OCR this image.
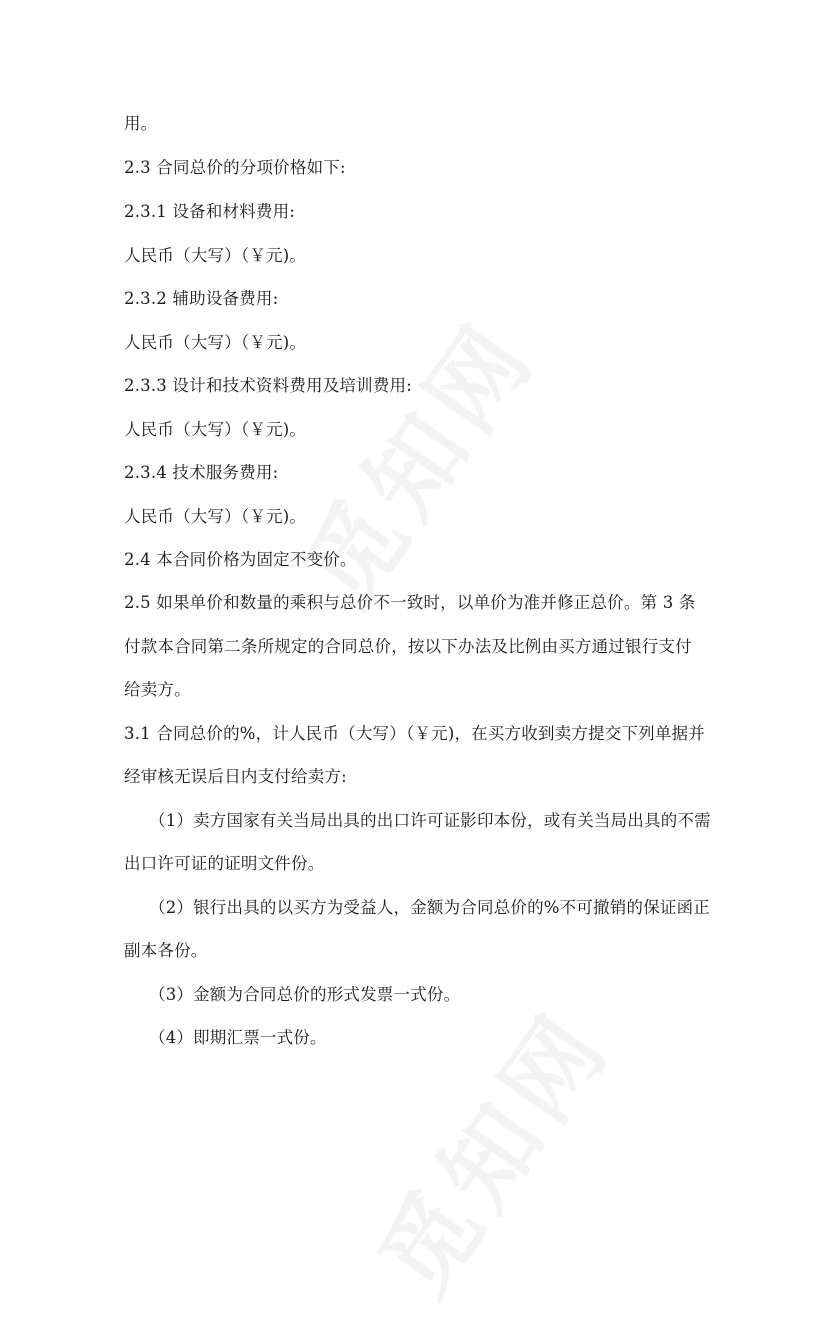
用。
2.3 合同总价的分项价格如下:
2.3.1 设备和材料费用:
人民币（大写）（￥元)。
2.3.2 辅助设备费用:
人民币（大写）（￥元)。
2.3.3 设计和技术资料费用及培训费用:
人民币（大写）（￥元)。
2.3.4 技术服务费用:
人民币（大写）（￥元)。
2.4 本合同价格为固定不变价。
2.5 如果单价和数量的乘积与总价不一致时，以单价为准并修正总价。第 3 条
付款本合同第二条所规定的合同总价，按以下办法及比例由买方通过银行支付
给卖方。
3.1 合同总价的%，计人民币（大写）（￥元)，在买方收到卖方提交下列单据并
经审核无误后日内支付给卖方:
（1）卖方国家有关当局出具的出口许可证影印本份，或有关当局出具的不需
出口许可证的证明文件份。
（2）银行出具的以买方为受益人，金额为合同总价的%不可撤销的保证函正
副本各份。
（3）金额为合同总价的形式发票一式份。
（4）即期汇票一式份。
